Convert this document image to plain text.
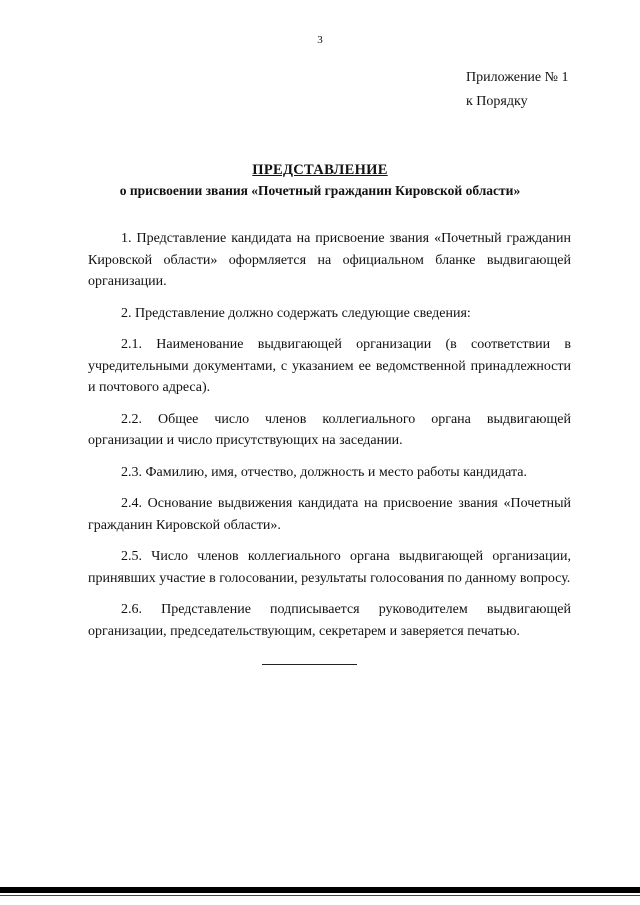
3
Приложение № 1
к Порядку
ПРЕДСТАВЛЕНИЕ
о присвоении звания «Почетный гражданин Кировской области»

1. Представление кандидата на присвоение звания «Почетный гражданин Кировской области» оформляется на официальном бланке выдвигающей организации.

2. Представление должно содержать следующие сведения:

2.1. Наименование выдвигающей организации (в соответствии в учредительными документами, с указанием ее ведомственной принадлежности и почтового адреса).

2.2. Общее число членов коллегиального органа выдвигающей организации и число присутствующих на заседании.

2.3. Фамилию, имя, отчество, должность и место работы кандидата.

2.4. Основание выдвижения кандидата на присвоение звания «Почетный гражданин Кировской области».

2.5. Число членов коллегиального органа выдвигающей организации, принявших участие в голосовании, результаты голосования по данному вопросу.

2.6. Представление подписывается руководителем выдвигающей организации, председательствующим, секретарем и заверяется печатью.
